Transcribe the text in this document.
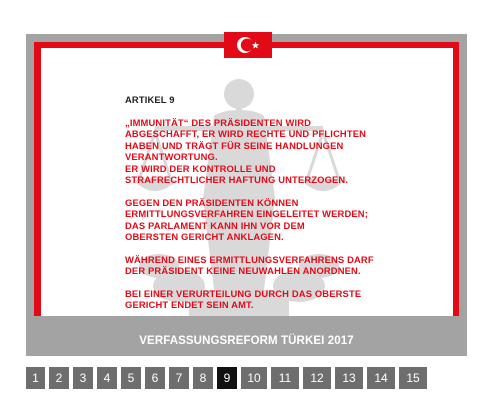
ARTIKEL 9
„IMMUNITÄT“ DES PRÄSIDENTEN WIRD
ABGESCHAFFT, ER WIRD RECHTE UND PFLICHTEN
HABEN UND TRÄGT FÜR SEINE HANDLUNGEN
VERANTWORTUNG.
ER WIRD DER KONTROLLE UND
STRAFRECHTLICHER HAFTUNG UNTERZOGEN.
GEGEN DEN PRÄSIDENTEN KÖNNEN
ERMITTLUNGSVERFAHREN EINGELEITET WERDEN;
DAS PARLAMENT KANN IHN VOR DEM
OBERSTEN GERICHT ANKLAGEN.
WÄHREND EINES ERMITTLUNGSVERFAHRENS DARF
DER PRÄSIDENT KEINE NEUWAHLEN ANORDNEN.
BEI EINER VERURTEILUNG DURCH DAS OBERSTE
GERICHT ENDET SEIN AMT.
VERFASSUNGSREFORM TÜRKEI 2017
1 2 3 4 5 6 7 8 9 10 11 12 13 14 15
